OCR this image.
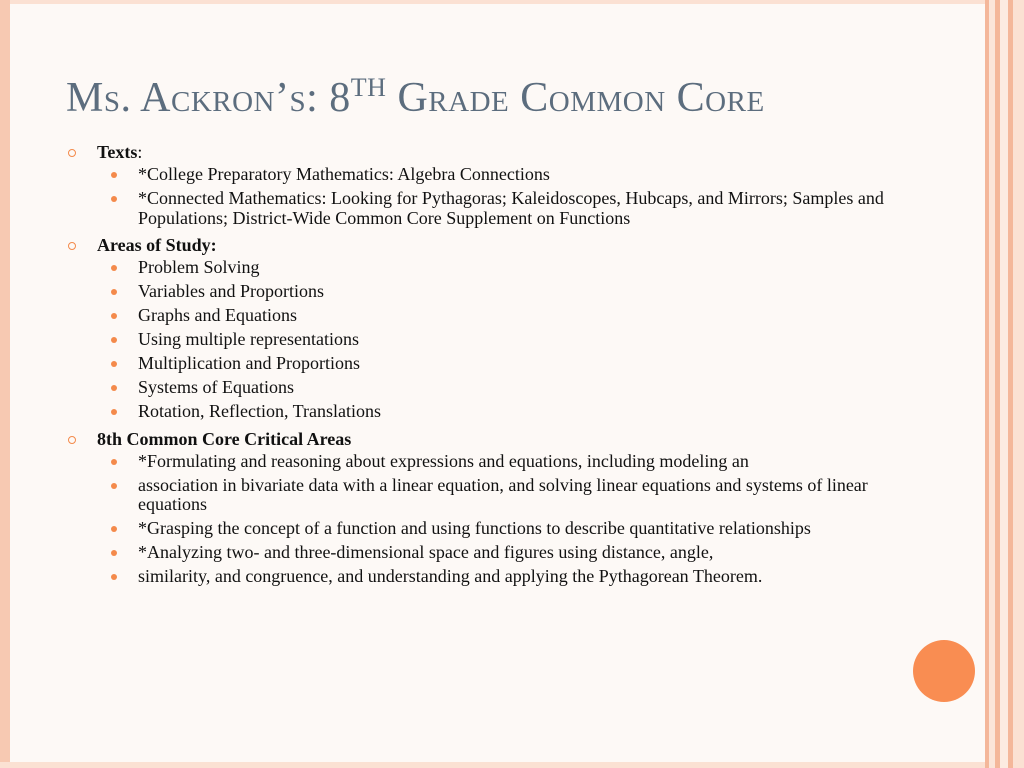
Ms. Ackron’s: 8TH Grade Common Core
Texts:
*College Preparatory Mathematics: Algebra Connections
*Connected Mathematics: Looking for Pythagoras; Kaleidoscopes, Hubcaps, and Mirrors; Samples and Populations; District-Wide Common Core Supplement on Functions
Areas of Study:
Problem Solving
Variables and Proportions
Graphs and Equations
Using multiple representations
Multiplication and Proportions
Systems of Equations
Rotation, Reflection, Translations
8th Common Core Critical Areas
*Formulating and reasoning about expressions and equations, including modeling an
association in bivariate data with a linear equation, and solving linear equations and systems of linear equations
*Grasping the concept of a function and using functions to describe quantitative relationships
*Analyzing two- and three-dimensional space and figures using distance, angle,
similarity, and congruence, and understanding and applying the Pythagorean Theorem.
